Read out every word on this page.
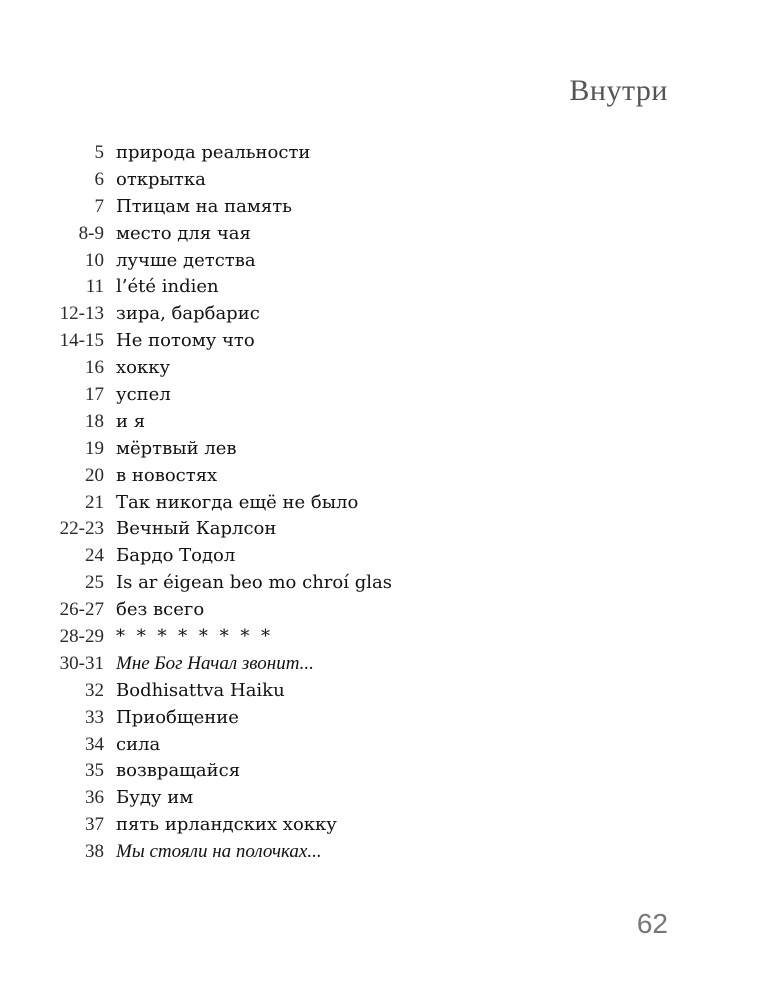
Внутри
5 природа реальности
6 открытка
7 Птицам на память
8-9 место для чая
10 лучше детства
11 l’été indien
12-13 зира, барбарис
14-15 Не потому что
16 хокку
17 успел
18 и я
19 мёртвый лев
20 в новостях
21 Так никогда ещё не было
22-23 Вечный Карлсон
24 Бардо Тодол
25 Is ar éigean beo mo chroí glas
26-27 без всего
28-29 * * * * * * * *
30-31 Мне Бог Начал звонит...
32 Bodhisattva Haiku
33 Приобщение
34 сила
35 возвращайся
36 Буду им
37 пять ирландских хокку
38 Мы стояли на полочках...
62
